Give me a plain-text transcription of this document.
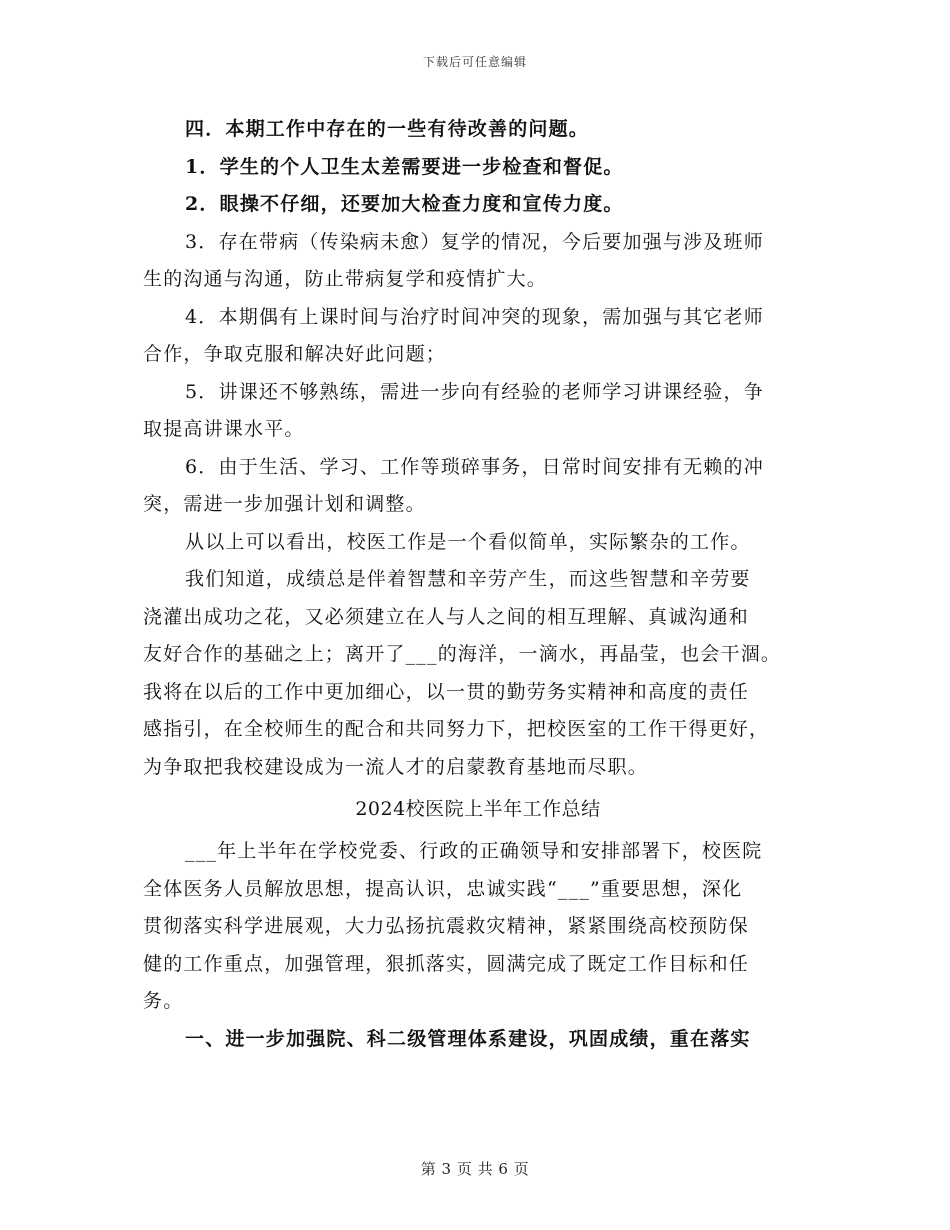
下载后可任意编辑
四．本期工作中存在的一些有待改善的问题。
1．学生的个人卫生太差需要进一步检查和督促。
2．眼操不仔细，还要加大检查力度和宣传力度。
3．存在带病（传染病未愈）复学的情况，今后要加强与涉及班师
生的沟通与沟通，防止带病复学和疫情扩大。
4．本期偶有上课时间与治疗时间冲突的现象，需加强与其它老师
合作，争取克服和解决好此问题；
5．讲课还不够熟练，需进一步向有经验的老师学习讲课经验，争
取提高讲课水平。
6．由于生活、学习、工作等琐碎事务，日常时间安排有无赖的冲
突，需进一步加强计划和调整。
从以上可以看出，校医工作是一个看似简单，实际繁杂的工作。
我们知道，成绩总是伴着智慧和辛劳产生，而这些智慧和辛劳要
浇灌出成功之花，又必须建立在人与人之间的相互理解、真诚沟通和
友好合作的基础之上；离开了___的海洋，一滴水，再晶莹，也会干涸。
我将在以后的工作中更加细心，以一贯的勤劳务实精神和高度的责任
感指引，在全校师生的配合和共同努力下，把校医室的工作干得更好，
为争取把我校建设成为一流人才的启蒙教育基地而尽职。
2024校医院上半年工作总结
___年上半年在学校党委、行政的正确领导和安排部署下，校医院
全体医务人员解放思想，提高认识，忠诚实践“___”重要思想，深化
贯彻落实科学进展观，大力弘扬抗震救灾精神，紧紧围绕高校预防保
健的工作重点，加强管理，狠抓落实，圆满完成了既定工作目标和任
务。
一、进一步加强院、科二级管理体系建设，巩固成绩，重在落实
第 3 页 共 6 页
